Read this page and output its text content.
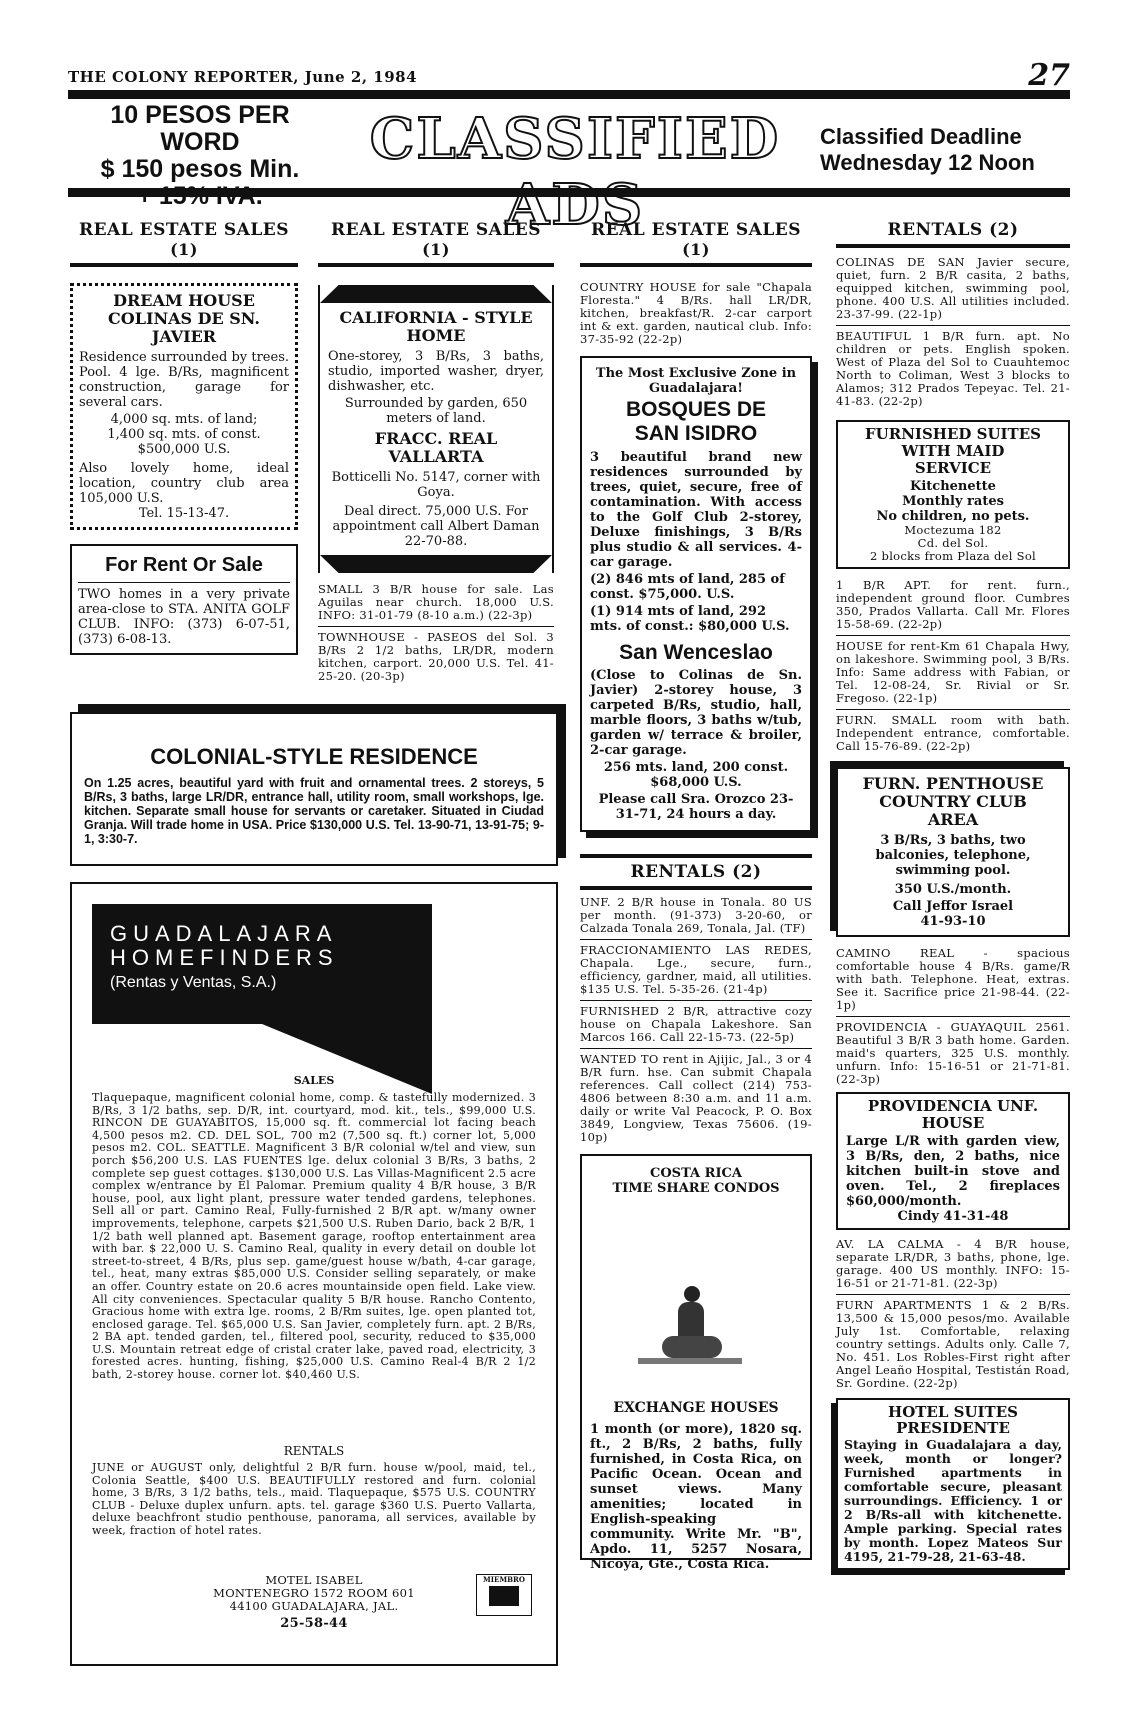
THE COLONY REPORTER, June 2, 1984	27
10 PESOS PER WORD
$ 150 pesos Min.
+ 15% IVA.
CLASSIFIED ADS
Classified Deadline
Wednesday 12 Noon
REAL ESTATE SALES
(1)
DREAM HOUSE
COLINAS DE SN.
JAVIER

Residence surrounded by trees. Pool. 4 lge. B/Rs, magnificent construction, garage for several cars.

4,000 sq. mts. of land;
1,400 sq. mts. of const.
$500,000 U.S.

Also lovely home, ideal location, country club area 105,000 U.S.

Tel. 15-13-47.
For Rent Or Sale

TWO homes in a very private area-close to STA. ANITA GOLF CLUB. INFO: (373) 6-07-51, (373) 6-08-13.

REAL ESTATE SALES
(1)
CALIFORNIA - STYLE
HOME

One-storey, 3 B/Rs, 3 baths, studio, imported washer, dryer, dishwasher, etc.

Surrounded by garden, 650 meters of land.

FRACC. REAL VALLARTA

Botticelli No. 5147, corner with Goya.

Deal direct. 75,000 U.S. For appointment call Albert Daman 22-70-88.

SMALL 3 B/R house for sale. Las Aguilas near church. 18,000 U.S. INFO: 31-01-79 (8-10 a.m.) (22-3p)

TOWNHOUSE - PASEOS del Sol. 3 B/Rs 2 1/2 baths, LR/DR, modern kitchen, carport. 20,000 U.S. Tel. 41-25-20. (20-3p)

COLONIAL-STYLE RESIDENCE

On 1.25 acres, beautiful yard with fruit and ornamental trees. 2 storeys, 5 B/Rs, 3 baths, large LR/DR, entrance hall, utility room, small workshops, lge. kitchen. Separate small house for servants or caretaker. Situated in Ciudad Granja. Will trade home in USA. Price $130,000 U.S. Tel. 13-90-71, 13-91-75; 9-1, 3:30-7.

GUADALAJARA
HOMEFINDERS
(Rentas y Ventas, S.A.)
SALES

Tlaquepaque, magnificent colonial home, comp. & tastefully modernized. 3 B/Rs, 3 1/2 baths, sep. D/R, int. courtyard, mod. kit., tels., $99,000 U.S. RINCON DE GUAYABITOS, 15,000 sq. ft. commercial lot facing beach 4,500 pesos m2. CD. DEL SOL, 700 m2 (7,500 sq. ft.) corner lot, 5,000 pesos m2. COL. SEATTLE. Magnificent 3 B/R colonial w/tel and view, sun porch $56,200 U.S. LAS FUENTES lge. delux colonial 3 B/Rs, 3 baths, 2 complete sep guest cottages. $130,000 U.S. Las Villas-Magnificent 2.5 acre complex w/entrance by El Palomar. Premium quality 4 B/R house, 3 B/R house, pool, aux light plant, pressure water tended gardens, telephones. Sell all or part. Camino Real, Fully-furnished 2 B/R apt. w/many owner improvements, telephone, carpets $21,500 U.S. Ruben Dario, back 2 B/R, 1 1/2 bath well planned apt. Basement garage, rooftop entertainment area with bar. $ 22,000 U. S. Camino Real, quality in every detail on double lot street-to-street, 4 B/Rs, plus sep. game/guest house w/bath, 4-car garage, tel., heat, many extras $85,000 U.S. Consider selling separately, or make an offer. Country estate on 20.6 acres mountainside open field. Lake view. All city conveniences. Spectacular quality 5 B/R house. Rancho Contento, Gracious home with extra lge. rooms, 2 B/Rm suites, lge. open planted tot, enclosed garage. Tel. $65,000 U.S. San Javier, completely furn. apt. 2 B/Rs, 2 BA apt. tended garden, tel., filtered pool, security, reduced to $35,000 U.S. Mountain retreat edge of cristal crater lake, paved road, electricity, 3 forested acres. hunting, fishing, $25,000 U.S. Camino Real-4 B/R 2 1/2 bath, 2-storey house. corner lot. $40,460 U.S.

RENTALS

JUNE or AUGUST only, delightful 2 B/R furn. house w/pool, maid, tel., Colonia Seattle, $400 U.S. BEAUTIFULLY restored and furn. colonial home, 3 B/Rs, 3 1/2 baths, tels., maid. Tlaquepaque, $575 U.S. COUNTRY CLUB - Deluxe duplex unfurn. apts. tel. garage $360 U.S. Puerto Vallarta, deluxe beachfront studio penthouse, panorama, all services, available by week, fraction of hotel rates.

MOTEL ISABEL
MONTENEGRO 1572 ROOM 601
44100 GUADALAJARA, JAL.
25-58-44
MIEMBRO
REAL ESTATE SALES
(1)

COUNTRY HOUSE for sale "Chapala Floresta." 4 B/Rs. hall LR/DR, kitchen, breakfast/R. 2-car carport int & ext. garden, nautical club. Info: 37-35-92 (22-2p)

The Most Exclusive Zone in Guadalajara!

BOSQUES DE
SAN ISIDRO

3 beautiful brand new residences surrounded by trees, quiet, secure, free of contamination. With access to the Golf Club 2-storey, Deluxe finishings, 3 B/Rs plus studio & all services. 4-car garage.

(2) 846 mts of land, 285 of const. $75,000. U.S.

(1) 914 mts of land, 292 mts. of const.: $80,000 U.S.

San Wenceslao

(Close to Colinas de Sn. Javier) 2-storey house, 3 carpeted B/Rs, studio, hall, marble floors, 3 baths w/tub, garden w/ terrace & broiler, 2-car garage.

256 mts. land, 200 const. $68,000 U.S.

Please call Sra. Orozco 23-31-71, 24 hours a day.

RENTALS (2)

UNF. 2 B/R house in Tonala. 80 US per month. (91-373) 3-20-60, or Calzada Tonala 269, Tonala, Jal. (TF)

FRACCIONAMIENTO LAS REDES, Chapala. Lge., secure, furn., efficiency, gardner, maid, all utilities. $135 U.S. Tel. 5-35-26. (21-4p)

FURNISHED 2 B/R, attractive cozy house on Chapala Lakeshore. San Marcos 166. Call 22-15-73. (22-5p)

WANTED TO rent in Ajijic, Jal., 3 or 4 B/R furn. hse. Can submit Chapala references. Call collect (214) 753-4806 between 8:30 a.m. and 11 a.m. daily or write Val Peacock, P. O. Box 3849, Longview, Texas 75606. (19-10p)

COSTA RICA
TIME SHARE CONDOS
EXCHANGE HOUSES

1 month (or more), 1820 sq. ft., 2 B/Rs, 2 baths, fully furnished, in Costa Rica, on Pacific Ocean. Ocean and sunset views. Many amenities; located in English-speaking community. Write Mr. "B", Apdo. 11, 5257 Nosara, Nicoya, Gte., Costa Rica.

RENTALS (2)

COLINAS DE SAN Javier secure, quiet, furn. 2 B/R casita, 2 baths, equipped kitchen, swimming pool, phone. 400 U.S. All utilities included. 23-37-99. (22-1p)

BEAUTIFUL 1 B/R furn. apt. No children or pets. English spoken. West of Plaza del Sol to Cuauhtemoc North to Coliman, West 3 blocks to Alamos; 312 Prados Tepeyac. Tel. 21-41-83. (22-2p)

FURNISHED SUITES
WITH MAID
SERVICE
Kitchenette
Monthly rates
No children, no pets.
Moctezuma 182
Cd. del Sol.
2 blocks from Plaza del Sol

1 B/R APT. for rent. furn., independent ground floor. Cumbres 350, Prados Vallarta. Call Mr. Flores 15-58-69. (22-2p)

HOUSE for rent-Km 61 Chapala Hwy, on lakeshore. Swimming pool, 3 B/Rs. Info: Same address with Fabian, or Tel. 12-08-24, Sr. Rivial or Sr. Fregoso. (22-1p)

FURN. SMALL room with bath. Independent entrance, comfortable. Call 15-76-89. (22-2p)

FURN. PENTHOUSE
COUNTRY CLUB
AREA

3 B/Rs, 3 baths, two balconies, telephone, swimming pool.

350 U.S./month.

Call Jeffor Israel

41-93-10

CAMINO REAL - spacious comfortable house 4 B/Rs. game/R with bath. Telephone. Heat, extras. See it. Sacrifice price 21-98-44. (22-1p)

PROVIDENCIA - GUAYAQUIL 2561. Beautiful 3 B/R 3 bath home. Garden. maid's quarters, 325 U.S. monthly. unfurn. Info: 15-16-51 or 21-71-81. (22-3p)

PROVIDENCIA UNF.
HOUSE

Large L/R with garden view, 3 B/Rs, den, 2 baths, nice kitchen built-in stove and oven. Tel., 2 fireplaces $60,000/month.

Cindy 41-31-48

AV. LA CALMA - 4 B/R house, separate LR/DR, 3 baths, phone, lge. garage. 400 US monthly. INFO: 15-16-51 or 21-71-81. (22-3p)

FURN APARTMENTS 1 & 2 B/Rs. 13,500 & 15,000 pesos/mo. Available July 1st. Comfortable, relaxing country settings. Adults only. Calle 7, No. 451. Los Robles-First right after Angel Leaño Hospital, Testistán Road, Sr. Gordine. (22-2p)

HOTEL SUITES
PRESIDENTE

Staying in Guadalajara a day, week, month or longer? Furnished apartments in comfortable secure, pleasant surroundings. Efficiency. 1 or 2 B/Rs-all with kitchenette. Ample parking. Special rates by month. Lopez Mateos Sur 4195, 21-79-28, 21-63-48.
